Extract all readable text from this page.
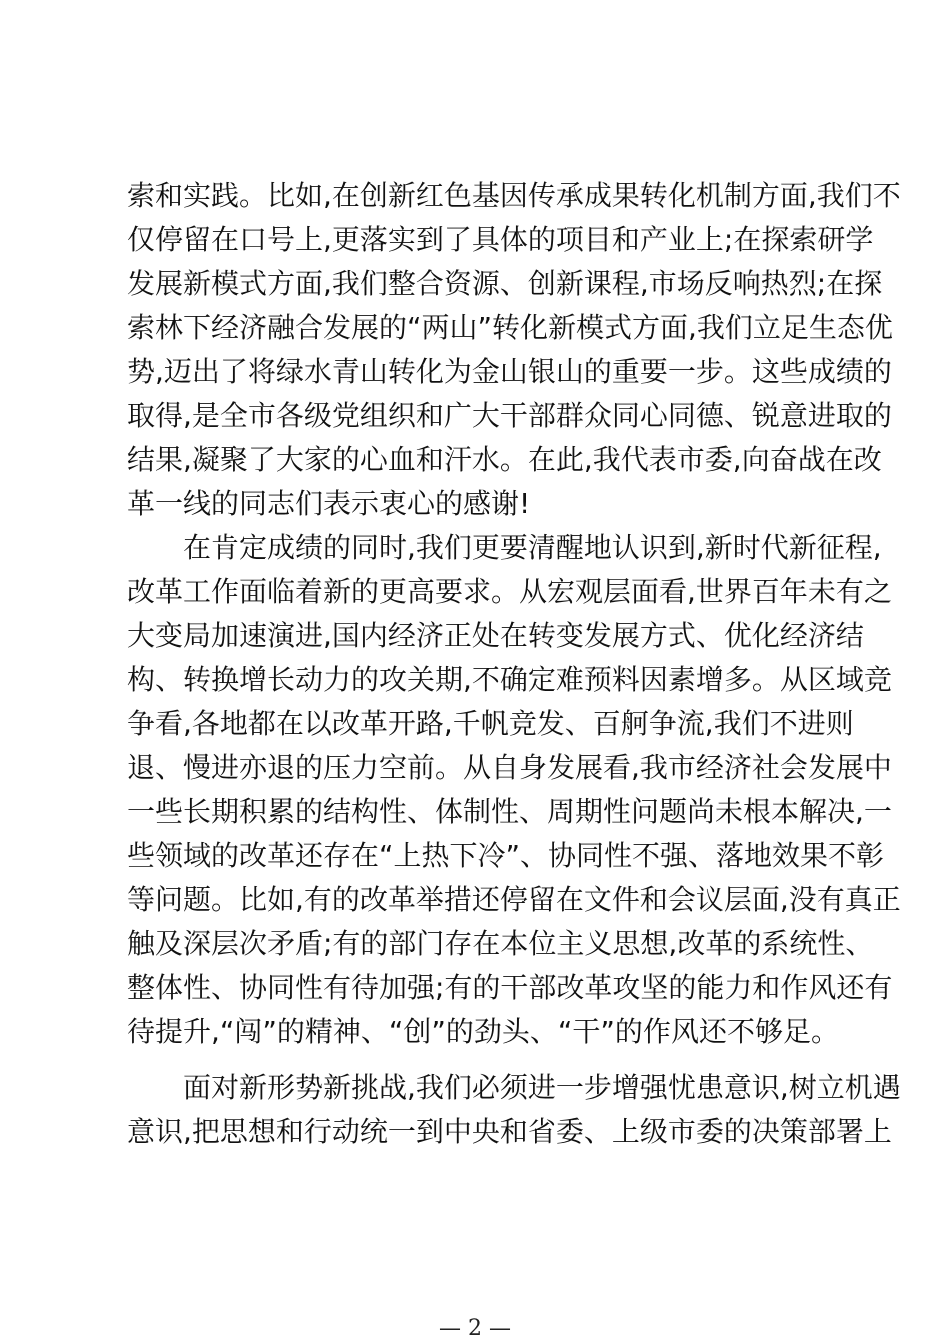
索和实践。比如,在创新红色基因传承成果转化机制方面,我们不
仅停留在口号上,更落实到了具体的项目和产业上;在探索研学
发展新模式方面,我们整合资源、创新课程,市场反响热烈;在探
索林下经济融合发展的“两山”转化新模式方面,我们立足生态优
势,迈出了将绿水青山转化为金山银山的重要一步。这些成绩的
取得,是全市各级党组织和广大干部群众同心同德、锐意进取的
结果,凝聚了大家的心血和汗水。在此,我代表市委,向奋战在改
革一线的同志们表示衷心的感谢!
在肯定成绩的同时,我们更要清醒地认识到,新时代新征程,
改革工作面临着新的更高要求。从宏观层面看,世界百年未有之
大变局加速演进,国内经济正处在转变发展方式、优化经济结
构、转换增长动力的攻关期,不确定难预料因素增多。从区域竞
争看,各地都在以改革开路,千帆竞发、百舸争流,我们不进则
退、慢进亦退的压力空前。从自身发展看,我市经济社会发展中
一些长期积累的结构性、体制性、周期性问题尚未根本解决,一
些领域的改革还存在“上热下冷”、协同性不强、落地效果不彰
等问题。比如,有的改革举措还停留在文件和会议层面,没有真正
触及深层次矛盾;有的部门存在本位主义思想,改革的系统性、
整体性、协同性有待加强;有的干部改革攻坚的能力和作风还有
待提升,“闯”的精神、“创”的劲头、“干”的作风还不够足。
面对新形势新挑战,我们必须进一步增强忧患意识,树立机遇
意识,把思想和行动统一到中央和省委、上级市委的决策部署上
— 2 —
